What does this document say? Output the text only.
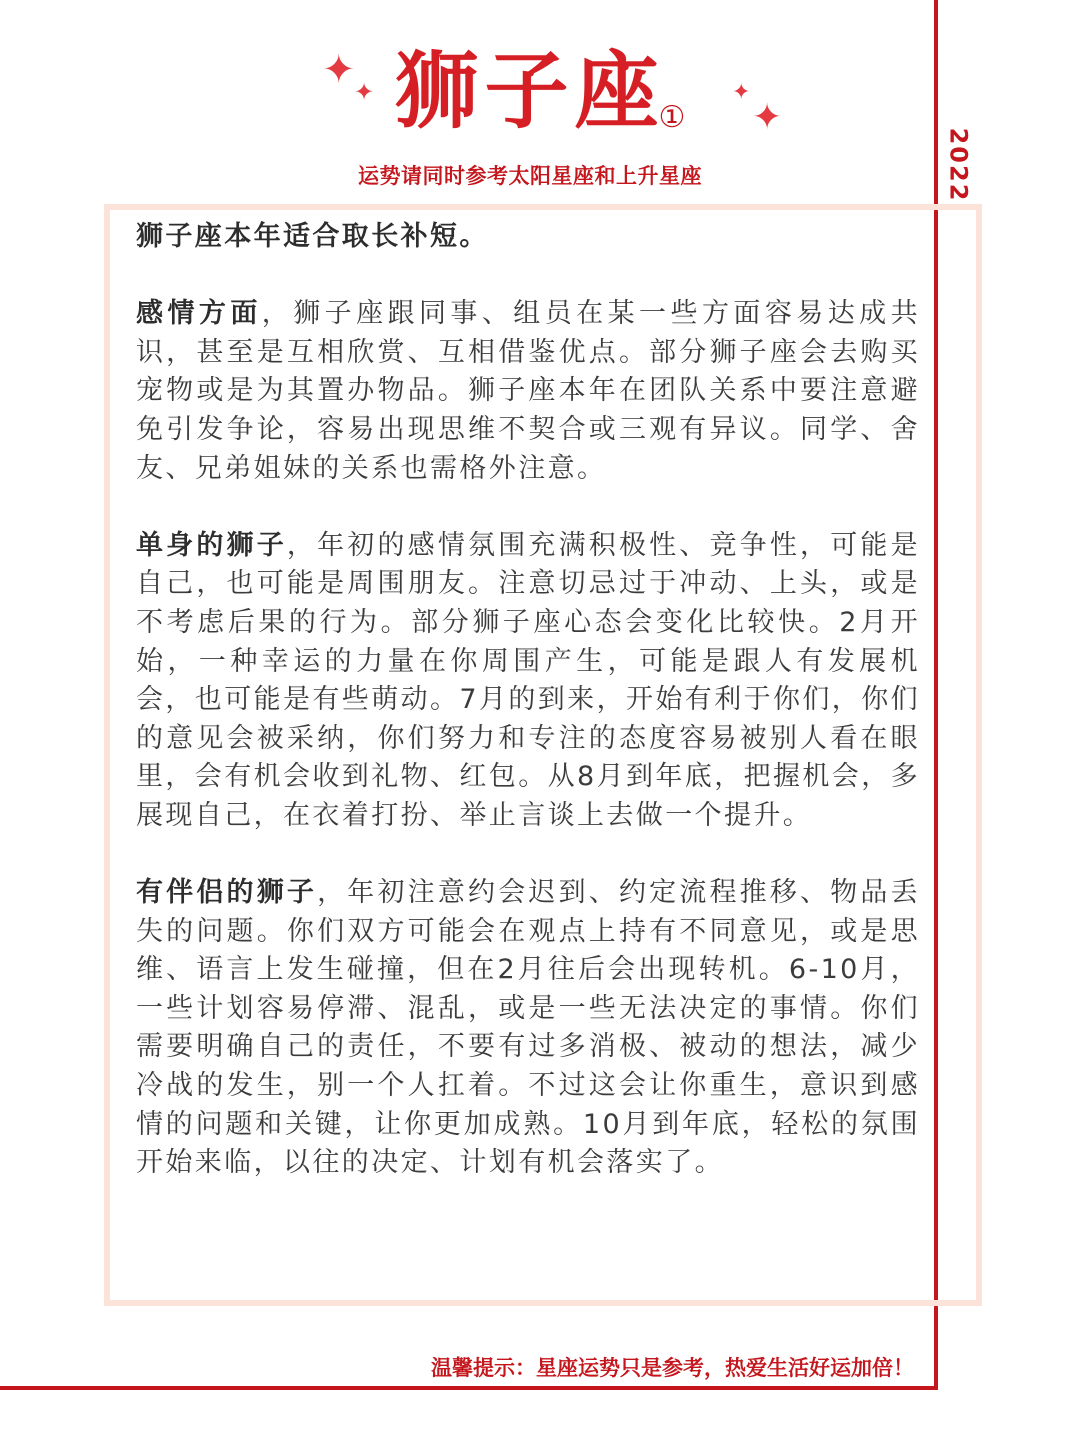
2022
✦
✦	✦
✦
狮子座①
运势请同时参考太阳星座和上升星座

狮子座本年适合取长补短。

感情方面，狮子座跟同事、组员在某一些方面容易达成共识，甚至是互相欣赏、互相借鉴优点。部分狮子座会去购买宠物或是为其置办物品。狮子座本年在团队关系中要注意避免引发争论，容易出现思维不契合或三观有异议。同学、舍友、兄弟姐妹的关系也需格外注意。

单身的狮子，年初的感情氛围充满积极性、竞争性，可能是自己，也可能是周围朋友。注意切忌过于冲动、上头，或是不考虑后果的行为。部分狮子座心态会变化比较快。2月开始，一种幸运的力量在你周围产生，可能是跟人有发展机会，也可能是有些萌动。7月的到来，开始有利于你们，你们的意见会被采纳，你们努力和专注的态度容易被别人看在眼里，会有机会收到礼物、红包。从8月到年底，把握机会，多展现自己，在衣着打扮、举止言谈上去做一个提升。

有伴侣的狮子，年初注意约会迟到、约定流程推移、物品丢失的问题。你们双方可能会在观点上持有不同意见，或是思维、语言上发生碰撞，但在2月往后会出现转机。6-10月，一些计划容易停滞、混乱，或是一些无法决定的事情。你们需要明确自己的责任，不要有过多消极、被动的想法，减少冷战的发生，别一个人扛着。不过这会让你重生，意识到感情的问题和关键，让你更加成熟。10月到年底，轻松的氛围开始来临，以往的决定、计划有机会落实了。

温馨提示：星座运势只是参考，热爱生活好运加倍！
